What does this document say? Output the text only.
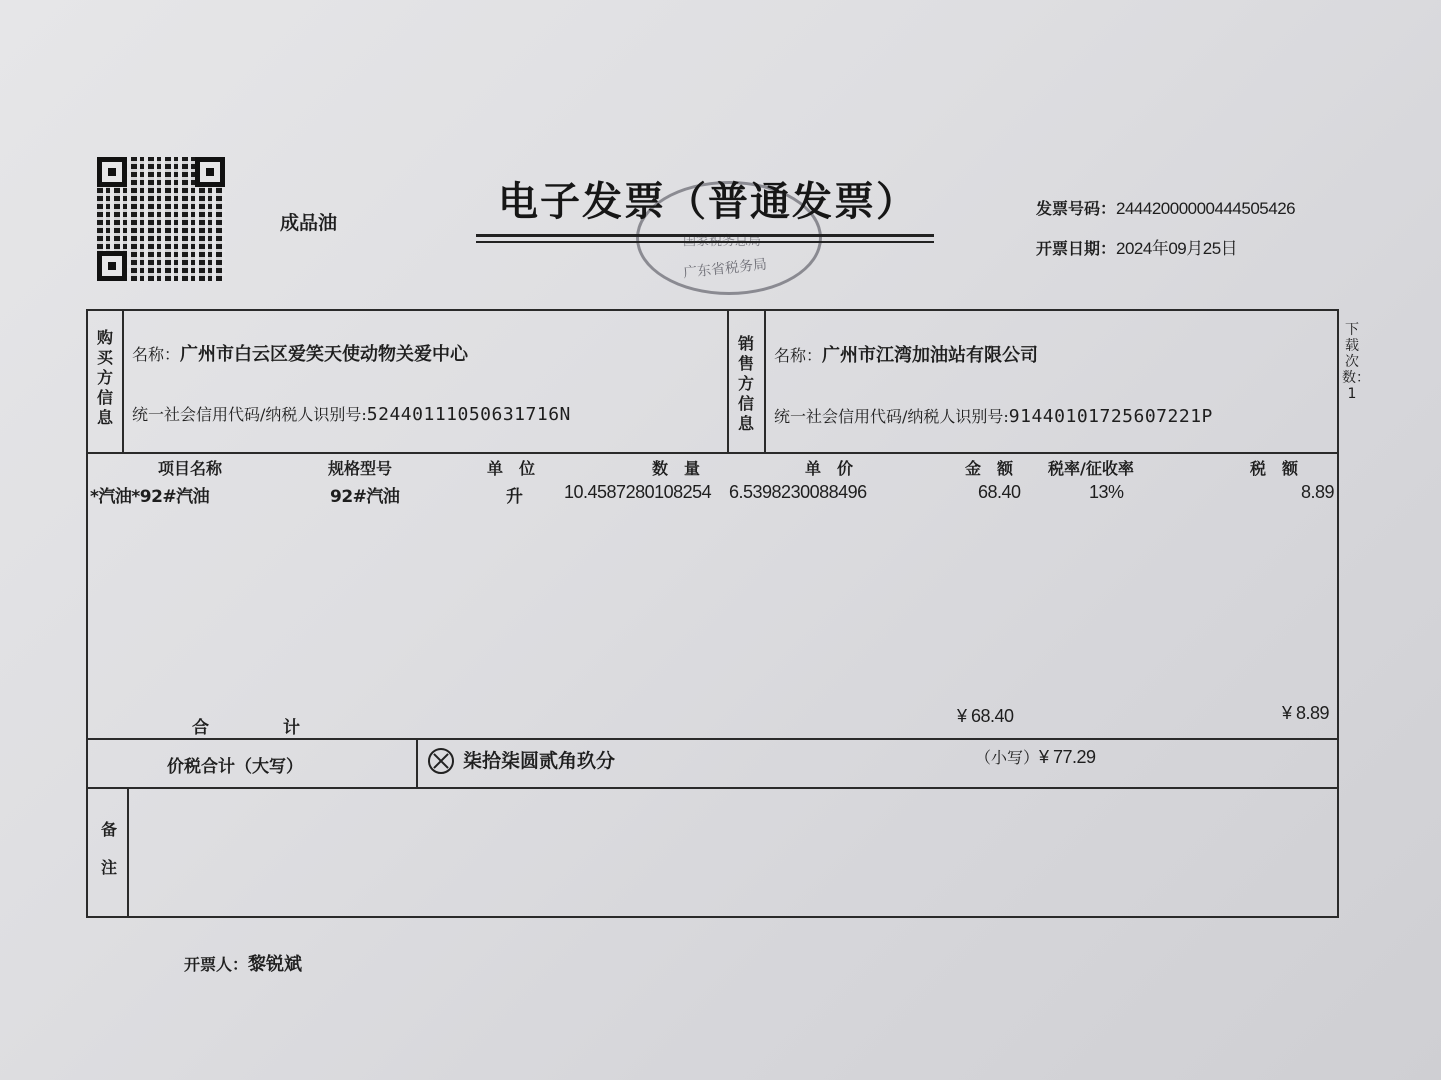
成品油
国家税务总局
广东省税务局
电子发票（普通发票）	发票号码：24442000000444505426
开票日期：2024年09月25日
下载次数：1
购
买
方
信
息
名称：广州市白云区爱笑天使动物关爱中心
统一社会信用代码/纳税人识别号:52440111050631716N
销
售
方
信
息
名称：广州市江湾加油站有限公司
统一社会信用代码/纳税人识别号:91440101725607221P
项目名称	规格型号	单　位	数　量	单　价	金　额 税率/征收率	税　额
*汽油*92#汽油	92#汽油	升 10.4587280108254 6.5398230088496	68.40	13%	8.89
合计
¥ 68.40	¥ 8.89
价税合计（大写）	柒拾柒圆贰角玖分	（小写）¥ 77.29
备
注
开票人：黎锐斌
